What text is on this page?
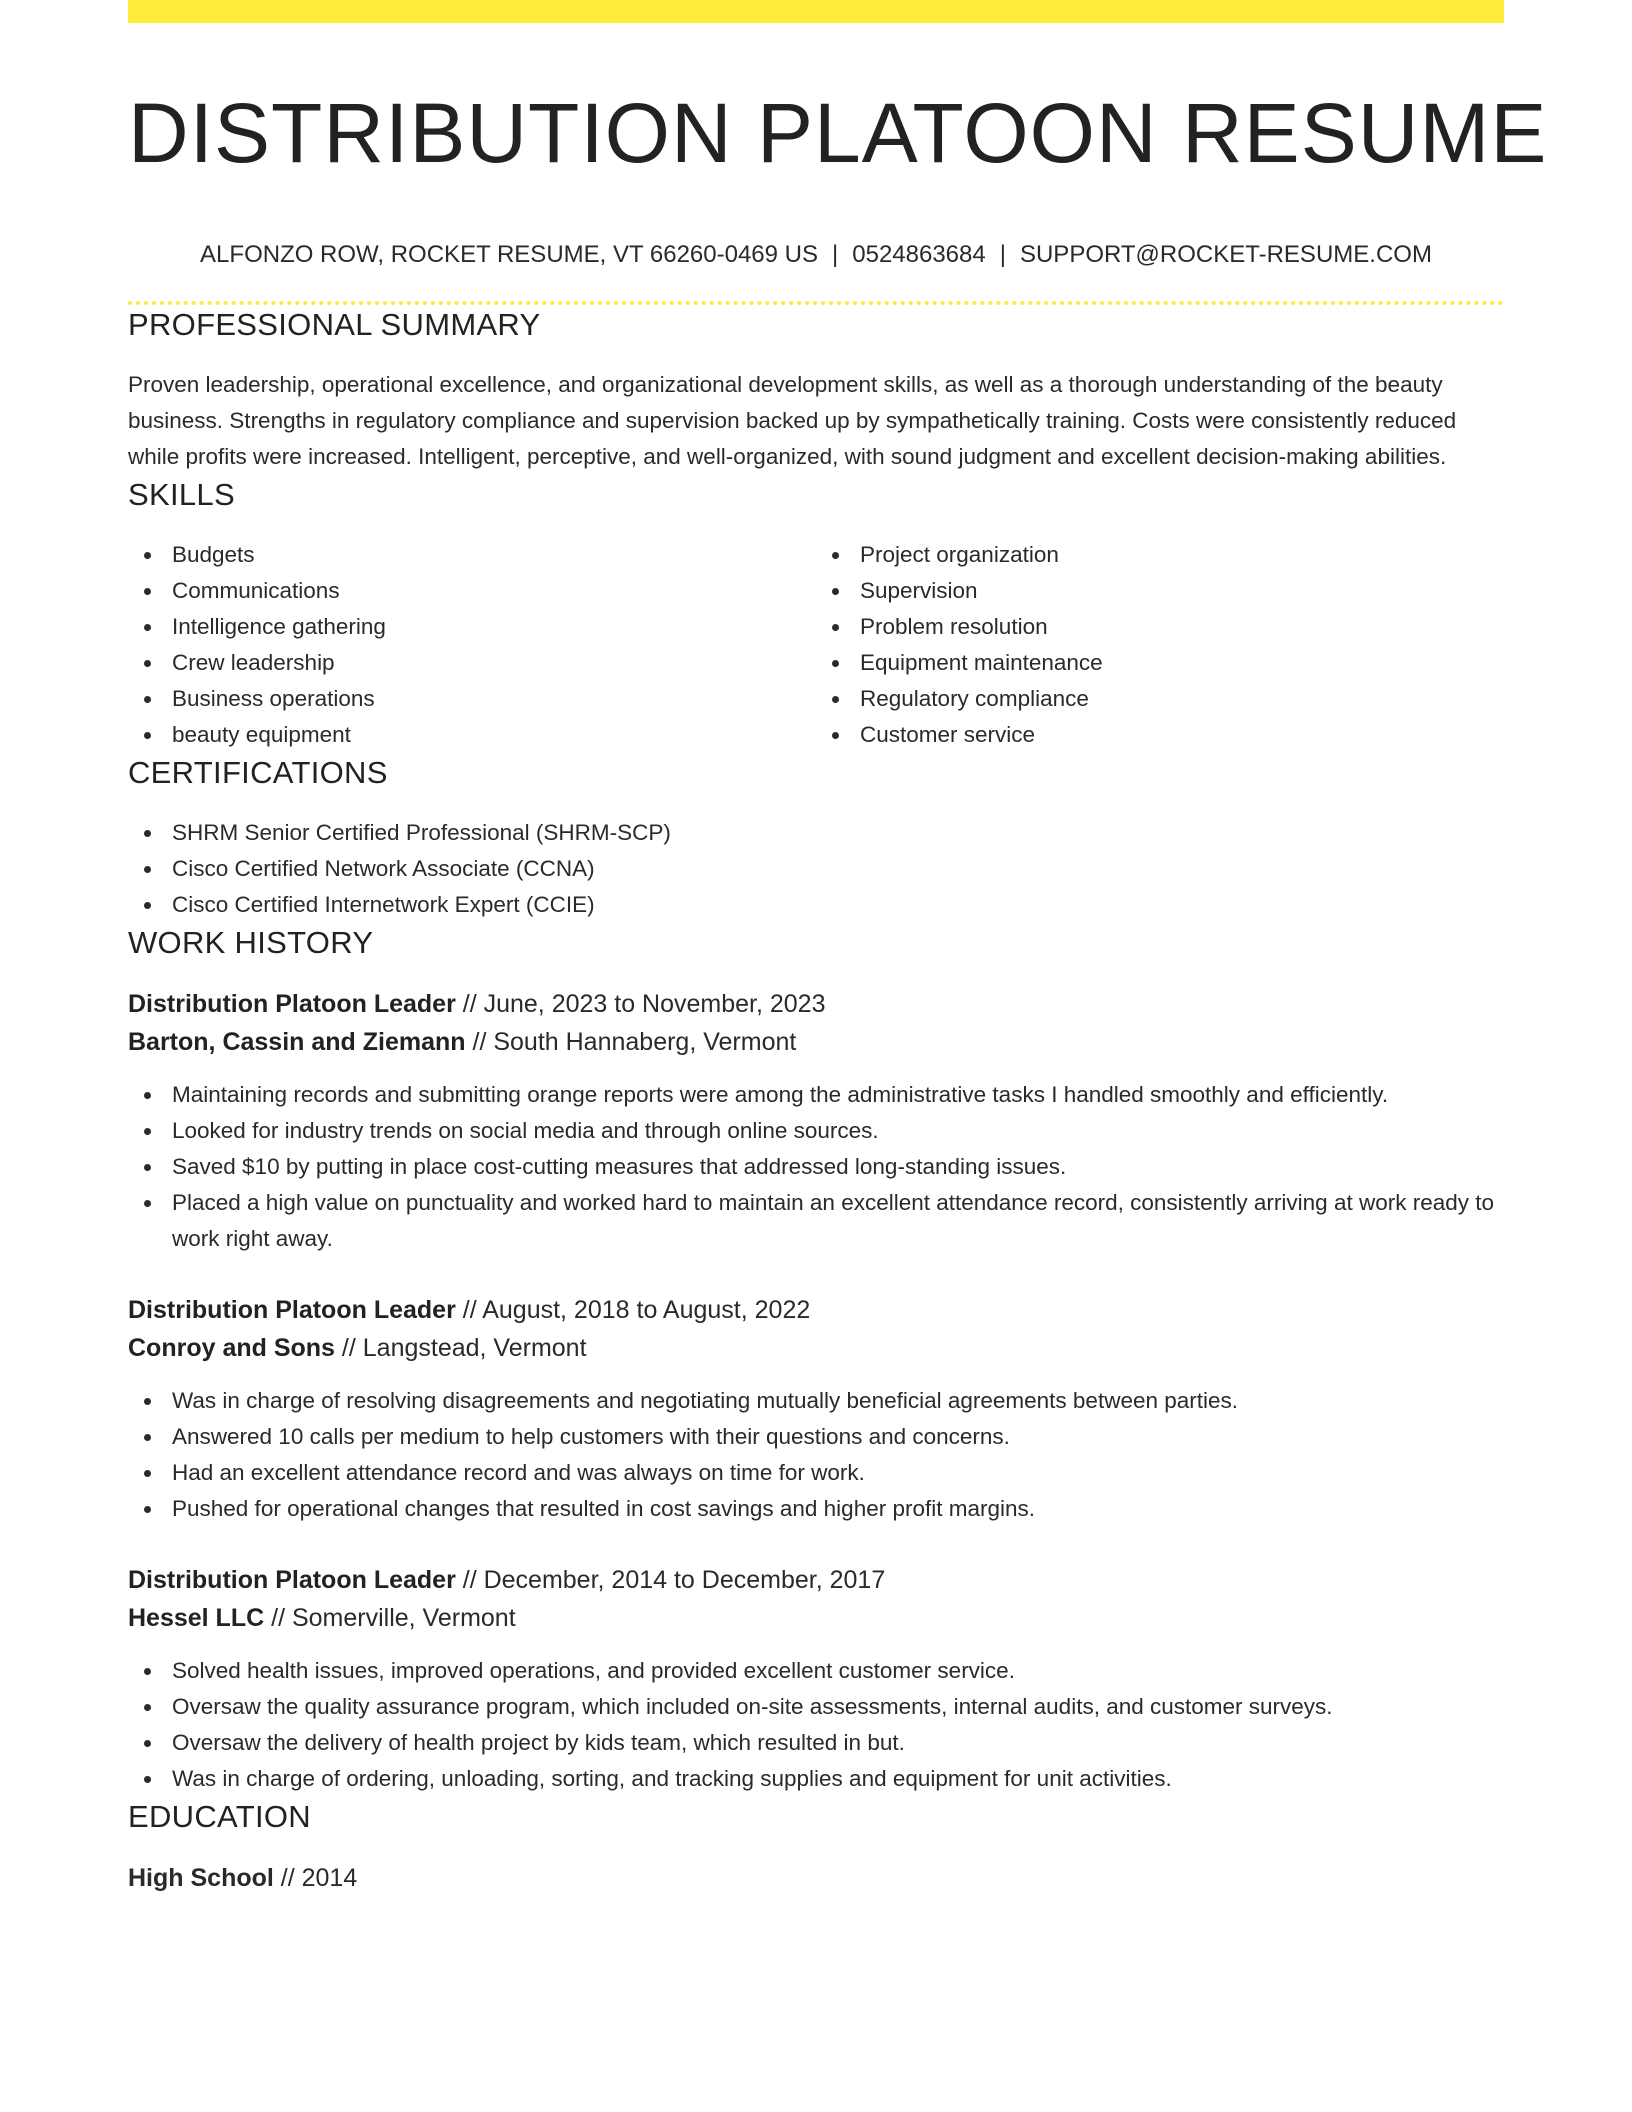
DISTRIBUTION PLATOON RESUME
ALFONZO ROW, ROCKET RESUME, VT 66260-0469 US | 0524863684 | SUPPORT@ROCKET-RESUME.COM
PROFESSIONAL SUMMARY

Proven leadership, operational excellence, and organizational development skills, as well as a thorough understanding of the beauty business. Strengths in regulatory compliance and supervision backed up by sympathetically training. Costs were consistently reduced while profits were increased. Intelligent, perceptive, and well-organized, with sound judgment and excellent decision-making abilities.

SKILLS
Budgets
Communications
Intelligence gathering
Crew leadership
Business operations
beauty equipment
Project organization
Supervision
Problem resolution
Equipment maintenance
Regulatory compliance
Customer service
CERTIFICATIONS
SHRM Senior Certified Professional (SHRM-SCP)
Cisco Certified Network Associate (CCNA)
Cisco Certified Internetwork Expert (CCIE)
WORK HISTORY
Distribution Platoon Leader // June, 2023 to November, 2023
Barton, Cassin and Ziemann // South Hannaberg, Vermont
Maintaining records and submitting orange reports were among the administrative tasks I handled smoothly and efficiently.
Looked for industry trends on social media and through online sources.
Saved $10 by putting in place cost-cutting measures that addressed long-standing issues.
Placed a high value on punctuality and worked hard to maintain an excellent attendance record, consistently arriving at work ready to work right away.
Distribution Platoon Leader // August, 2018 to August, 2022
Conroy and Sons // Langstead, Vermont
Was in charge of resolving disagreements and negotiating mutually beneficial agreements between parties.
Answered 10 calls per medium to help customers with their questions and concerns.
Had an excellent attendance record and was always on time for work.
Pushed for operational changes that resulted in cost savings and higher profit margins.
Distribution Platoon Leader // December, 2014 to December, 2017
Hessel LLC // Somerville, Vermont
Solved health issues, improved operations, and provided excellent customer service.
Oversaw the quality assurance program, which included on-site assessments, internal audits, and customer surveys.
Oversaw the delivery of health project by kids team, which resulted in but.
Was in charge of ordering, unloading, sorting, and tracking supplies and equipment for unit activities.
EDUCATION
High School // 2014
